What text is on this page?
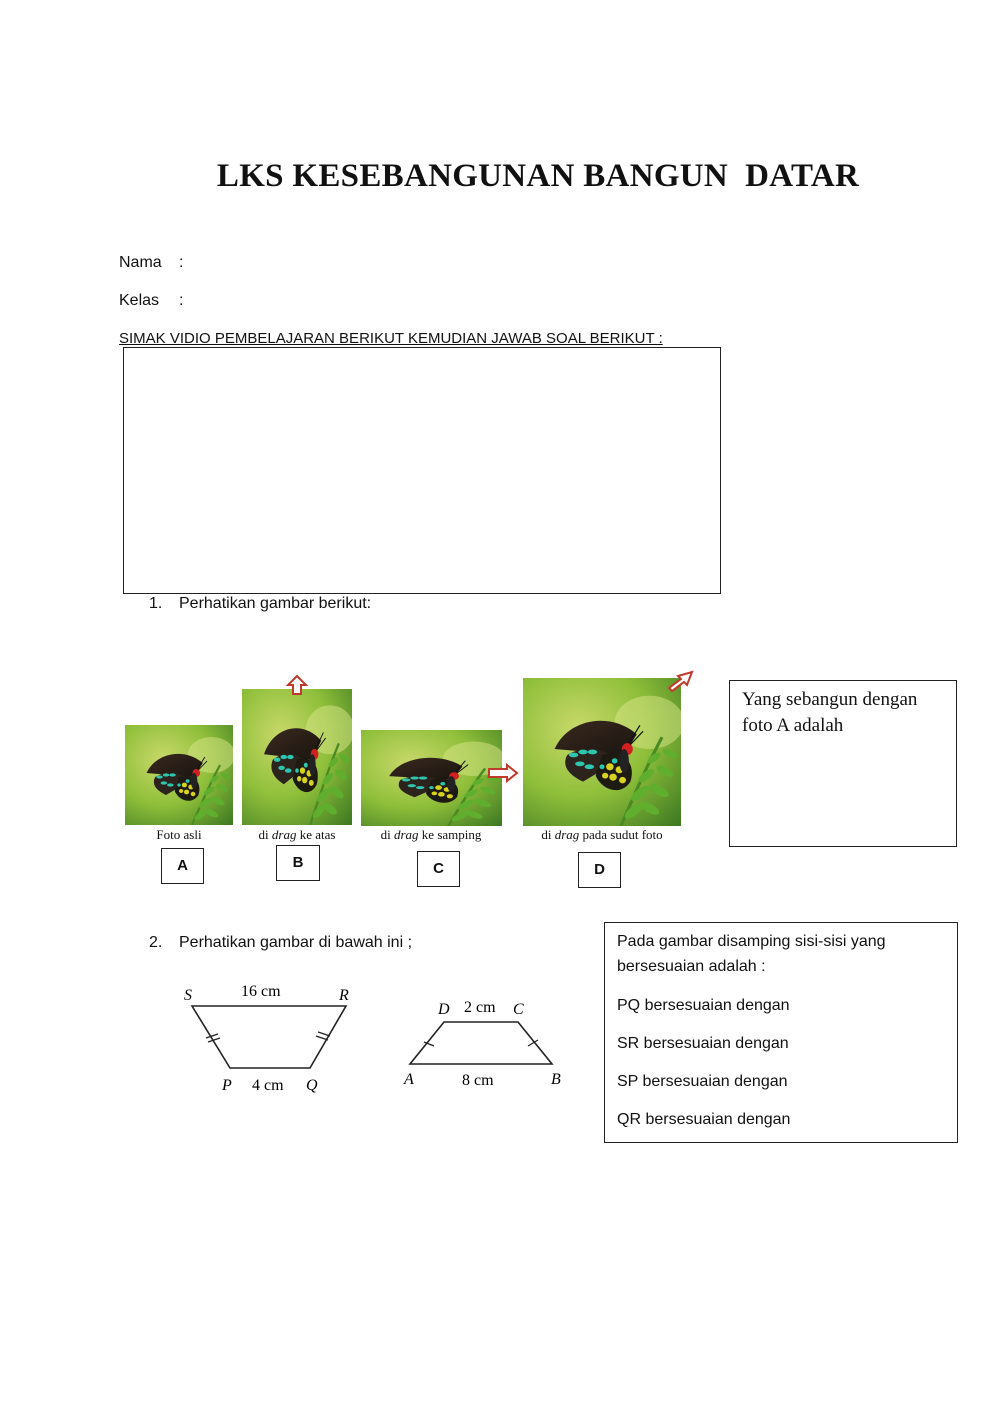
LKS KESEBANGUNAN BANGUN  DATAR
Nama :
Kelas :
SIMAK VIDIO PEMBELAJARAN BERIKUT KEMUDIAN JAWAB SOAL BERIKUT :
1. Perhatikan gambar berikut:
Foto asli	di drag ke atas	di drag ke samping	di drag pada sudut foto
A	B	C	D
Yang sebangun dengan foto A adalah
2. Perhatikan gambar di bawah ini ;
S	R
P	Q
16 cm
4 cm
D	C
A	B
2 cm
8 cm

Pada gambar disamping sisi-sisi yang bersesuaian adalah :

PQ bersesuaian dengan

SR bersesuaian dengan

SP bersesuaian dengan

QR bersesuaian dengan
